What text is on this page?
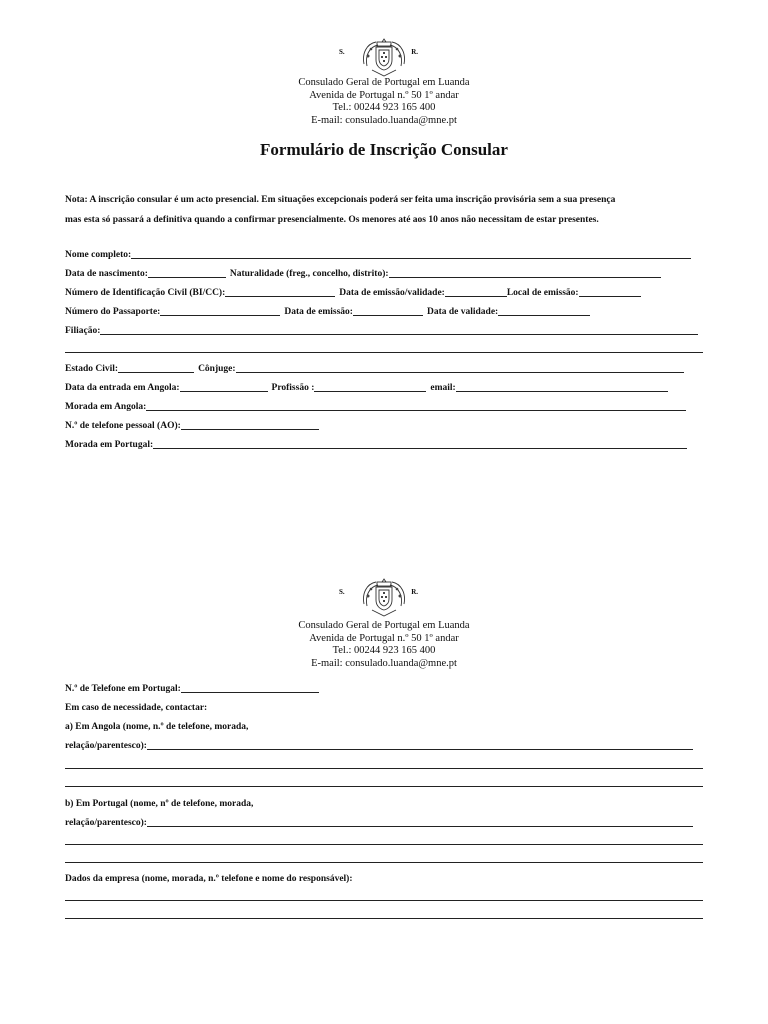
S.	R.
Consulado Geral de Portugal em Luanda
Avenida de Portugal n.º 50 1º andar
Tel.: 00244 923 165 400
E-mail: consulado.luanda@mne.pt
Formulário de Inscrição Consular
Nota: A inscrição consular é um acto presencial. Em situações excepcionais poderá ser feita uma inscrição provisória sem a sua presença
mas esta só passará a definitiva quando a confirmar presencialmente. Os menores até aos 10 anos não necessitam de estar presentes.
Nome completo:
Data de nascimento:	Naturalidade (freg., concelho, distrito):
Número de Identificação Civil (BI/CC):	Data de emissão/validade:	Local de emissão:
Número do Passaporte:	Data de emissão:	Data de validade:
Filiação:
Estado Civil:	Cônjuge:
Data da entrada em Angola:	Profissão :	email:
Morada em Angola:
N.º de telefone pessoal (AO):
Morada em Portugal:
S.	R.
Consulado Geral de Portugal em Luanda
Avenida de Portugal n.º 50 1º andar
Tel.: 00244 923 165 400
E-mail: consulado.luanda@mne.pt
N.º de Telefone em Portugal:
Em caso de necessidade, contactar:
a) Em Angola (nome, n.º de telefone, morada,
relação/parentesco):
b) Em Portugal (nome, nº de telefone, morada,
relação/parentesco):
Dados da empresa (nome, morada, n.º telefone e nome do responsável):
